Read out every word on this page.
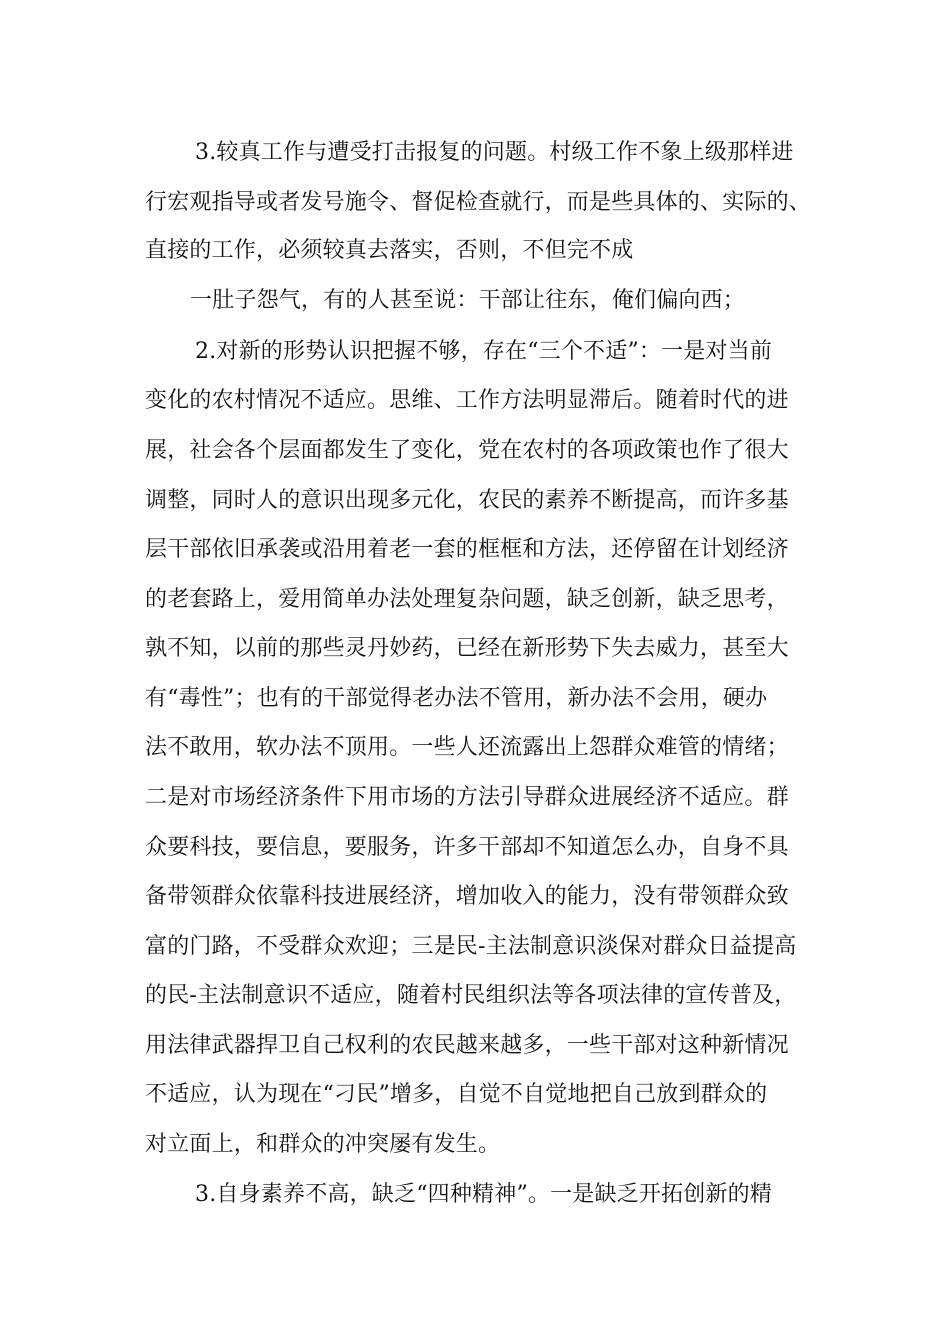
3.较真工作与遭受打击报复的问题。村级工作不象上级那样进
行宏观指导或者发号施令、督促检查就行，而是些具体的、实际的、
直接的工作，必须较真去落实，否则，不但完不成
一肚子怨气，有的人甚至说：干部让往东，俺们偏向西；
2.对新的形势认识把握不够，存在“三个不适”：一是对当前
变化的农村情况不适应。思维、工作方法明显滞后。随着时代的进
展，社会各个层面都发生了变化，党在农村的各项政策也作了很大
调整，同时人的意识出现多元化，农民的素养不断提高，而许多基
层干部依旧承袭或沿用着老一套的框框和方法，还停留在计划经济
的老套路上，爱用简单办法处理复杂问题，缺乏创新，缺乏思考，
孰不知，以前的那些灵丹妙药，已经在新形势下失去威力，甚至大
有“毒性”；也有的干部觉得老办法不管用，新办法不会用，硬办
法不敢用，软办法不顶用。一些人还流露出上怨群众难管的情绪；
二是对市场经济条件下用市场的方法引导群众进展经济不适应。群
众要科技，要信息，要服务，许多干部却不知道怎么办，自身不具
备带领群众依靠科技进展经济，增加收入的能力，没有带领群众致
富的门路，不受群众欢迎；三是民-主法制意识淡保对群众日益提高
的民-主法制意识不适应，随着村民组织法等各项法律的宣传普及，
用法律武器捍卫自己权利的农民越来越多，一些干部对这种新情况
不适应，认为现在“刁民”增多，自觉不自觉地把自己放到群众的
对立面上，和群众的冲突屡有发生。
3.自身素养不高，缺乏“四种精神”。一是缺乏开拓创新的精
